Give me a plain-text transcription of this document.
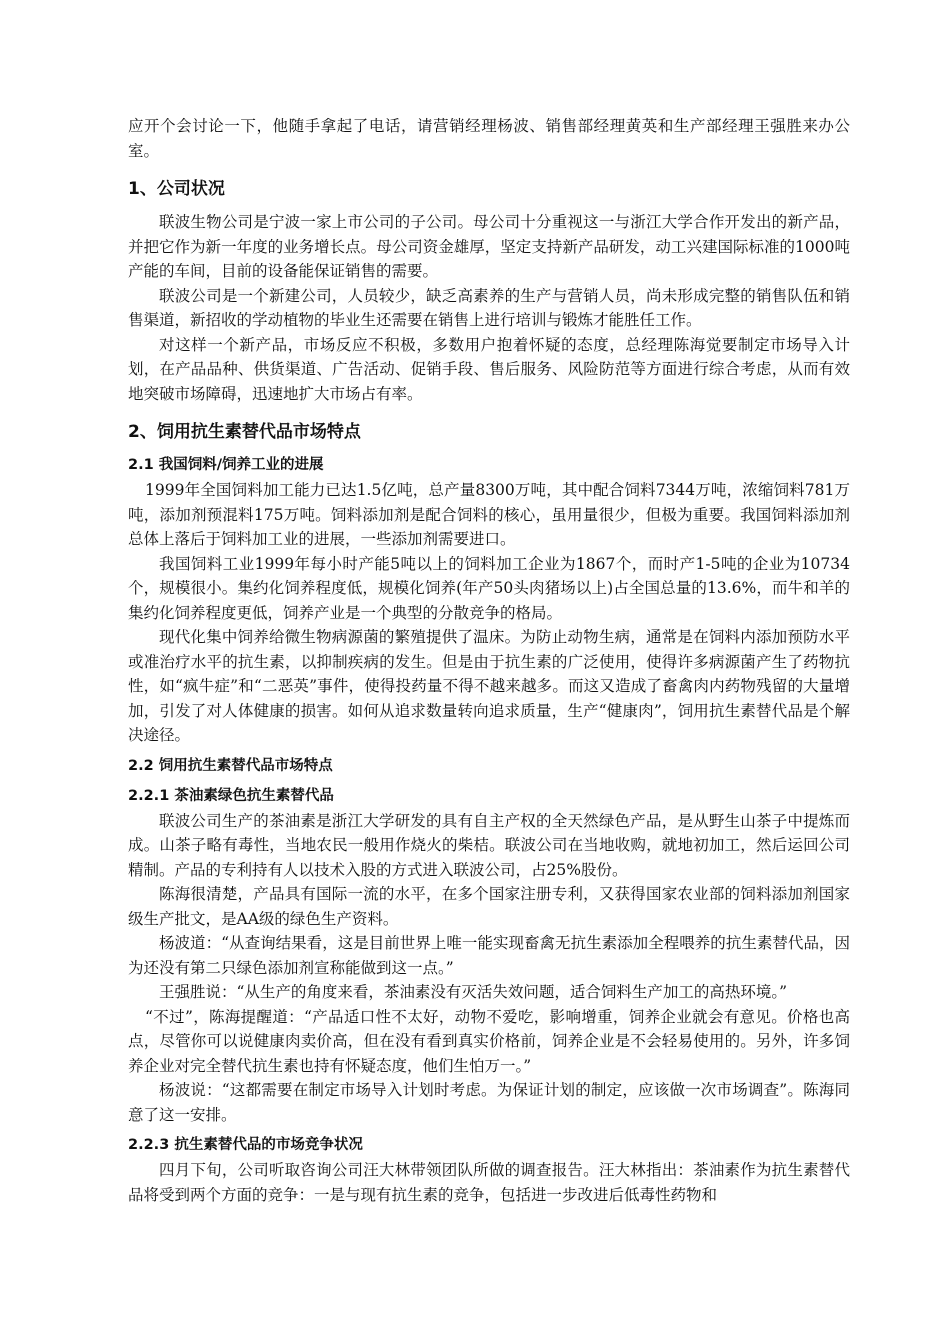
应开个会讨论一下，他随手拿起了电话，请营销经理杨波、销售部经理黄英和生产部经理王强胜来办公室。

1、公司状况

联波生物公司是宁波一家上市公司的子公司。母公司十分重视这一与浙江大学合作开发出的新产品，并把它作为新一年度的业务增长点。母公司资金雄厚，坚定支持新产品研发，动工兴建国际标准的1000吨产能的车间，目前的设备能保证销售的需要。

联波公司是一个新建公司，人员较少，缺乏高素养的生产与营销人员，尚未形成完整的销售队伍和销售渠道，新招收的学动植物的毕业生还需要在销售上进行培训与锻炼才能胜任工作。

对这样一个新产品，市场反应不积极，多数用户抱着怀疑的态度，总经理陈海觉要制定市场导入计划，在产品品种、供货渠道、广告活动、促销手段、售后服务、风险防范等方面进行综合考虑，从而有效地突破市场障碍，迅速地扩大市场占有率。

2、饲用抗生素替代品市场特点
2.1 我国饲料/饲养工业的进展

1999年全国饲料加工能力已达1.5亿吨，总产量8300万吨，其中配合饲料7344万吨，浓缩饲料781万吨，添加剂预混料175万吨。饲料添加剂是配合饲料的核心，虽用量很少，但极为重要。我国饲料添加剂总体上落后于饲料加工业的进展，一些添加剂需要进口。

我国饲料工业1999年每小时产能5吨以上的饲料加工企业为1867个，而时产1-5吨的企业为10734个，规模很小。集约化饲养程度低，规模化饲养(年产50头肉猪场以上)占全国总量的13.6%，而牛和羊的集约化饲养程度更低，饲养产业是一个典型的分散竞争的格局。

现代化集中饲养给微生物病源菌的繁殖提供了温床。为防止动物生病，通常是在饲料内添加预防水平或准治疗水平的抗生素，以抑制疾病的发生。但是由于抗生素的广泛使用，使得许多病源菌产生了药物抗性，如“疯牛症”和“二恶英”事件，使得投药量不得不越来越多。而这又造成了畜禽肉内药物残留的大量增加，引发了对人体健康的损害。如何从追求数量转向追求质量，生产“健康肉”，饲用抗生素替代品是个解决途径。

2.2 饲用抗生素替代品市场特点
2.2.1 茶油素绿色抗生素替代品

联波公司生产的茶油素是浙江大学研发的具有自主产权的全天然绿色产品，是从野生山茶子中提炼而成。山茶子略有毒性，当地农民一般用作烧火的柴桔。联波公司在当地收购，就地初加工，然后运回公司精制。产品的专利持有人以技术入股的方式进入联波公司，占25%股份。

陈海很清楚，产品具有国际一流的水平，在多个国家注册专利，又获得国家农业部的饲料添加剂国家级生产批文，是AA级的绿色生产资料。

杨波道：“从查询结果看，这是目前世界上唯一能实现畜禽无抗生素添加全程喂养的抗生素替代品，因为还没有第二只绿色添加剂宣称能做到这一点。”

王强胜说：“从生产的角度来看，茶油素没有灭活失效问题，适合饲料生产加工的高热环境。”

“不过”，陈海提醒道：“产品适口性不太好，动物不爱吃，影响增重，饲养企业就会有意见。价格也高点，尽管你可以说健康肉卖价高，但在没有看到真实价格前，饲养企业是不会轻易使用的。另外，许多饲养企业对完全替代抗生素也持有怀疑态度，他们生怕万一。”

杨波说：“这都需要在制定市场导入计划时考虑。为保证计划的制定，应该做一次市场调查”。陈海同意了这一安排。

2.2.3 抗生素替代品的市场竞争状况

四月下旬，公司听取咨询公司汪大林带领团队所做的调查报告。汪大林指出：茶油素作为抗生素替代品将受到两个方面的竞争：一是与现有抗生素的竞争，包括进一步改进后低毒性药物和
